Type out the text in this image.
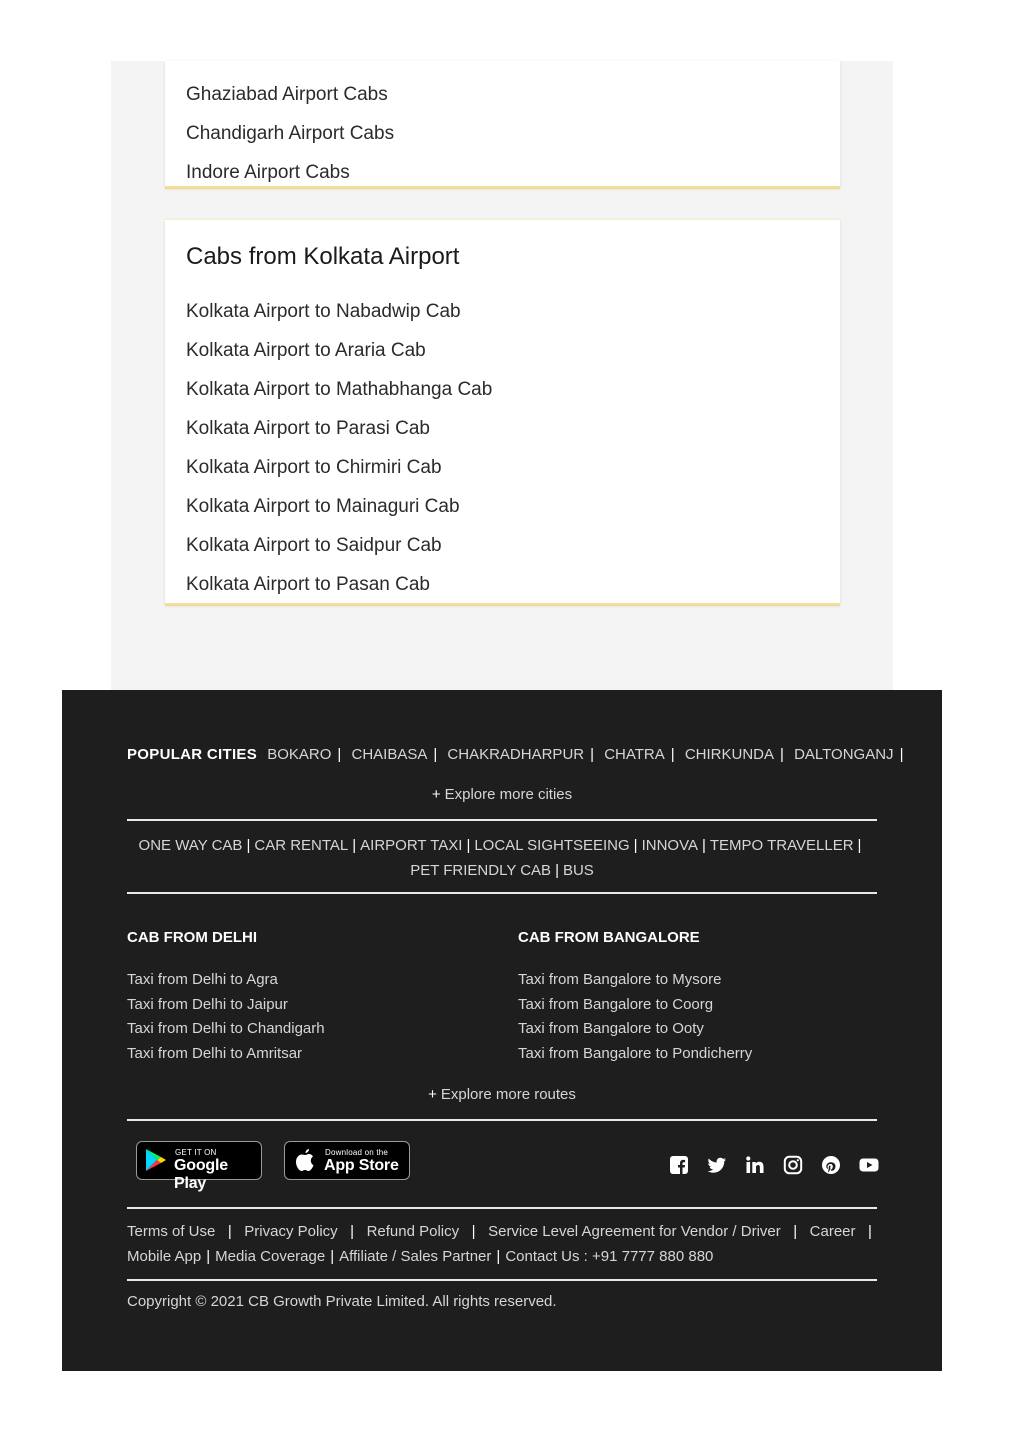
Ghaziabad Airport Cabs
Chandigarh Airport Cabs
Indore Airport Cabs
Cabs from Kolkata Airport
Kolkata Airport to Nabadwip Cab
Kolkata Airport to Araria Cab
Kolkata Airport to Mathabhanga Cab
Kolkata Airport to Parasi Cab
Kolkata Airport to Chirmiri Cab
Kolkata Airport to Mainaguri Cab
Kolkata Airport to Saidpur Cab
Kolkata Airport to Pasan Cab
POPULAR CITIES BOKARO | CHAIBASA | CHAKRADHARPUR | CHATRA | CHIRKUNDA | DALTONGANJ |
+ Explore more cities
ONE WAY CAB | CAR RENTAL | AIRPORT TAXI | LOCAL SIGHTSEEING | INNOVA | TEMPO TRAVELLER |
PET FRIENDLY CAB | BUS
CAB FROM DELHI
Taxi from Delhi to Agra
Taxi from Delhi to Jaipur
Taxi from Delhi to Chandigarh
Taxi from Delhi to Amritsar
CAB FROM BANGALORE
Taxi from Bangalore to Mysore
Taxi from Bangalore to Coorg
Taxi from Bangalore to Ooty
Taxi from Bangalore to Pondicherry
+ Explore more routes
GET IT ON
Google Play
Download on the
App Store
Terms of Use | Privacy Policy | Refund Policy | Service Level Agreement for Vendor / Driver | Career |
Mobile App | Media Coverage | Affiliate / Sales Partner | Contact Us : +91 7777 880 880
Copyright © 2021 CB Growth Private Limited. All rights reserved.
